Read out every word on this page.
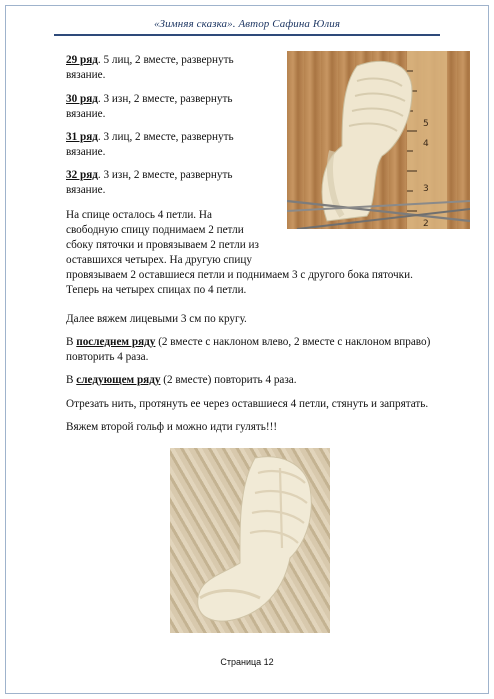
«Зимняя сказка». Автор Сафина Юлия
29 ряд. 5 лиц, 2 вместе, развернуть
вязание.
30 ряд. 3 изн, 2 вместе, развернуть
вязание.
31 ряд. 3 лиц, 2 вместе, развернуть
вязание.
32 ряд. 3 изн, 2 вместе, развернуть
вязание.
На спице осталось 4 петли. На
свободную спицу поднимаем 2 петли
сбоку пяточки и провязываем 2 петли из
оставшихся четырех. На другую спицу
провязываем 2 оставшиеся петли и поднимаем 3 с другого бока пяточки.
Теперь на четырех спицах по 4 петли.
Далее вяжем лицевыми 3 см по кругу.
В последнем ряду (2 вместе с наклоном влево, 2 вместе с наклоном вправо)
повторить 4 раза.
В следующем ряду (2 вместе) повторить 4 раза.
Отрезать нить, протянуть ее через оставшиеся 4 петли, стянуть и запрятать.
Вяжем второй гольф и можно идти гулять!!!
5
4
3
2
Страница 12
